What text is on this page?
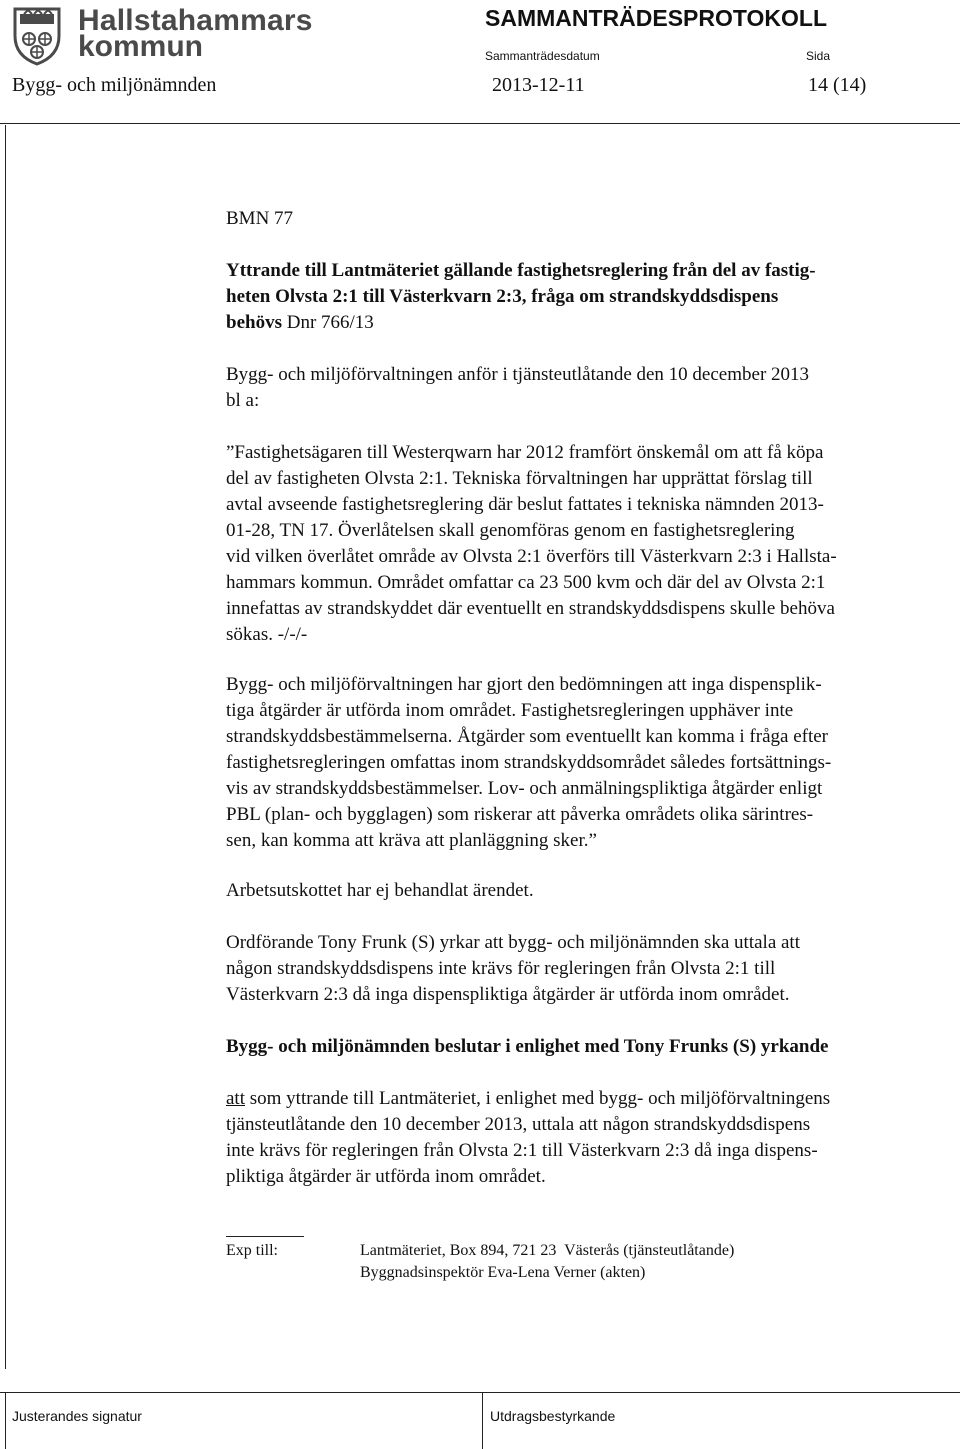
Hallstahammars
kommun
SAMMANTRÄDESPROTOKOLL
Sammanträdesdatum	Sida
Bygg- och miljönämnden	2013-12-11	14 (14)
BMN 77
Yttrande till Lantmäteriet gällande fastighetsreglering från del av fastig-
heten Olvsta 2:1 till Västerkvarn 2:3, fråga om strandskyddsdispens
behövs Dnr 766/13
Bygg- och miljöförvaltningen anför i tjänsteutlåtande den 10 december 2013
bl a:
”Fastighetsägaren till Westerqwarn har 2012 framfört önskemål om att få köpa
del av fastigheten Olvsta 2:1. Tekniska förvaltningen har upprättat förslag till
avtal avseende fastighetsreglering där beslut fattates i tekniska nämnden 2013-
01-28, TN 17. Överlåtelsen skall genomföras genom en fastighetsreglering
vid vilken överlåtet område av Olvsta 2:1 överförs till Västerkvarn 2:3 i Hallsta-
hammars kommun. Området omfattar ca 23 500 kvm och där del av Olvsta 2:1
innefattas av strandskyddet där eventuellt en strandskyddsdispens skulle behöva
sökas. -/-/-
Bygg- och miljöförvaltningen har gjort den bedömningen att inga dispensplik-
tiga åtgärder är utförda inom området. Fastighetsregleringen upphäver inte
strandskyddsbestämmelserna. Åtgärder som eventuellt kan komma i fråga efter
fastighetsregleringen omfattas inom strandskyddsområdet således fortsättnings-
vis av strandskyddsbestämmelser. Lov- och anmälningspliktiga åtgärder enligt
PBL (plan- och bygglagen) som riskerar att påverka områdets olika särintres-
sen, kan komma att kräva att planläggning sker.”
Arbetsutskottet har ej behandlat ärendet.
Ordförande Tony Frunk (S) yrkar att bygg- och miljönämnden ska uttala att
någon strandskyddsdispens inte krävs för regleringen från Olvsta 2:1 till
Västerkvarn 2:3 då inga dispenspliktiga åtgärder är utförda inom området.
Bygg- och miljönämnden beslutar i enlighet med Tony Frunks (S) yrkande
att som yttrande till Lantmäteriet, i enlighet med bygg- och miljöförvaltningens
tjänsteutlåtande den 10 december 2013, uttala att någon strandskyddsdispens
inte krävs för regleringen från Olvsta 2:1 till Västerkvarn 2:3 då inga dispens-
pliktiga åtgärder är utförda inom området.
Exp till:	Lantmäteriet, Box 894, 721 23  Västerås (tjänsteutlåtande)
Byggnadsinspektör Eva-Lena Verner (akten)
Justerandes signatur	Utdragsbestyrkande
